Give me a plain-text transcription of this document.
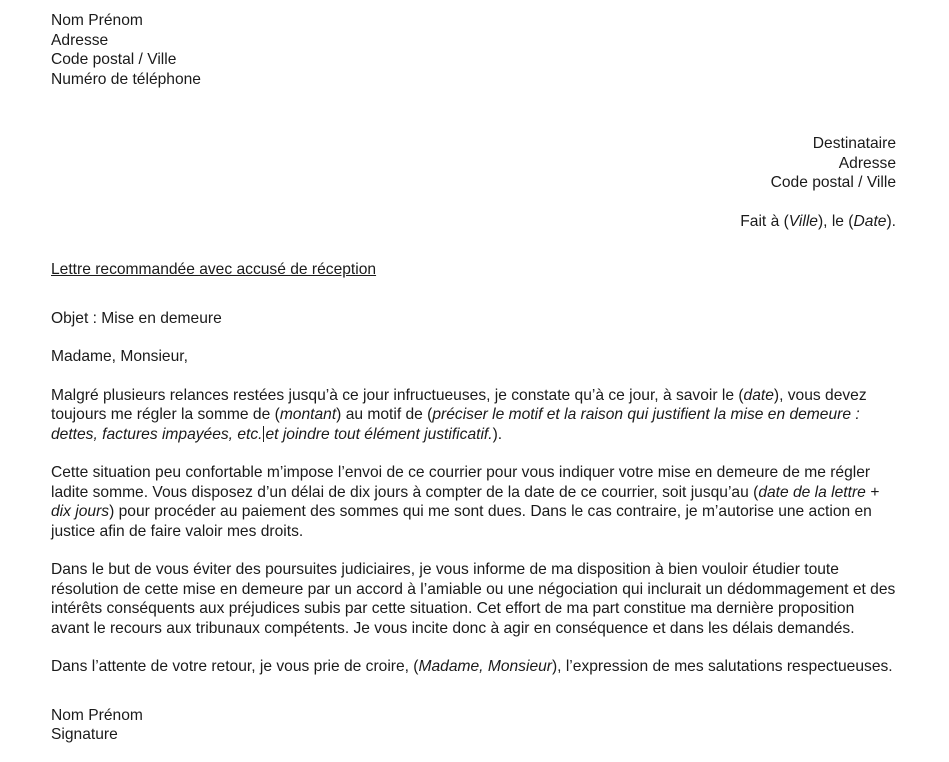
Nom Prénom
Adresse
Code postal / Ville
Numéro de téléphone
Destinataire
Adresse
Code postal / Ville
Fait à (Ville), le (Date).
Lettre recommandée avec accusé de réception
Objet : Mise en demeure
Madame, Monsieur,

Malgré plusieurs relances restées jusqu’à ce jour infructueuses, je constate qu’à ce jour, à savoir le (date), vous devez toujours me régler la somme de (montant) au motif de (préciser le motif et la raison qui justifient la mise en demeure : dettes, factures impayées, etc. et joindre tout élément justificatif.).

Cette situation peu confortable m’impose l’envoi de ce courrier pour vous indiquer votre mise en demeure de me régler ladite somme. Vous disposez d’un délai de dix jours à compter de la date de ce courrier, soit jusqu’au (date de la lettre + dix jours) pour procéder au paiement des sommes qui me sont dues. Dans le cas contraire, je m’autorise une action en justice afin de faire valoir mes droits.

Dans le but de vous éviter des poursuites judiciaires, je vous informe de ma disposition à bien vouloir étudier toute résolution de cette mise en demeure par un accord à l’amiable ou une négociation qui inclurait un dédommagement et des intérêts conséquents aux préjudices subis par cette situation. Cet effort de ma part constitue ma dernière proposition avant le recours aux tribunaux compétents. Je vous incite donc à agir en conséquence et dans les délais demandés.

Dans l’attente de votre retour, je vous prie de croire, (Madame, Monsieur), l’expression de mes salutations respectueuses.

Nom Prénom
Signature
